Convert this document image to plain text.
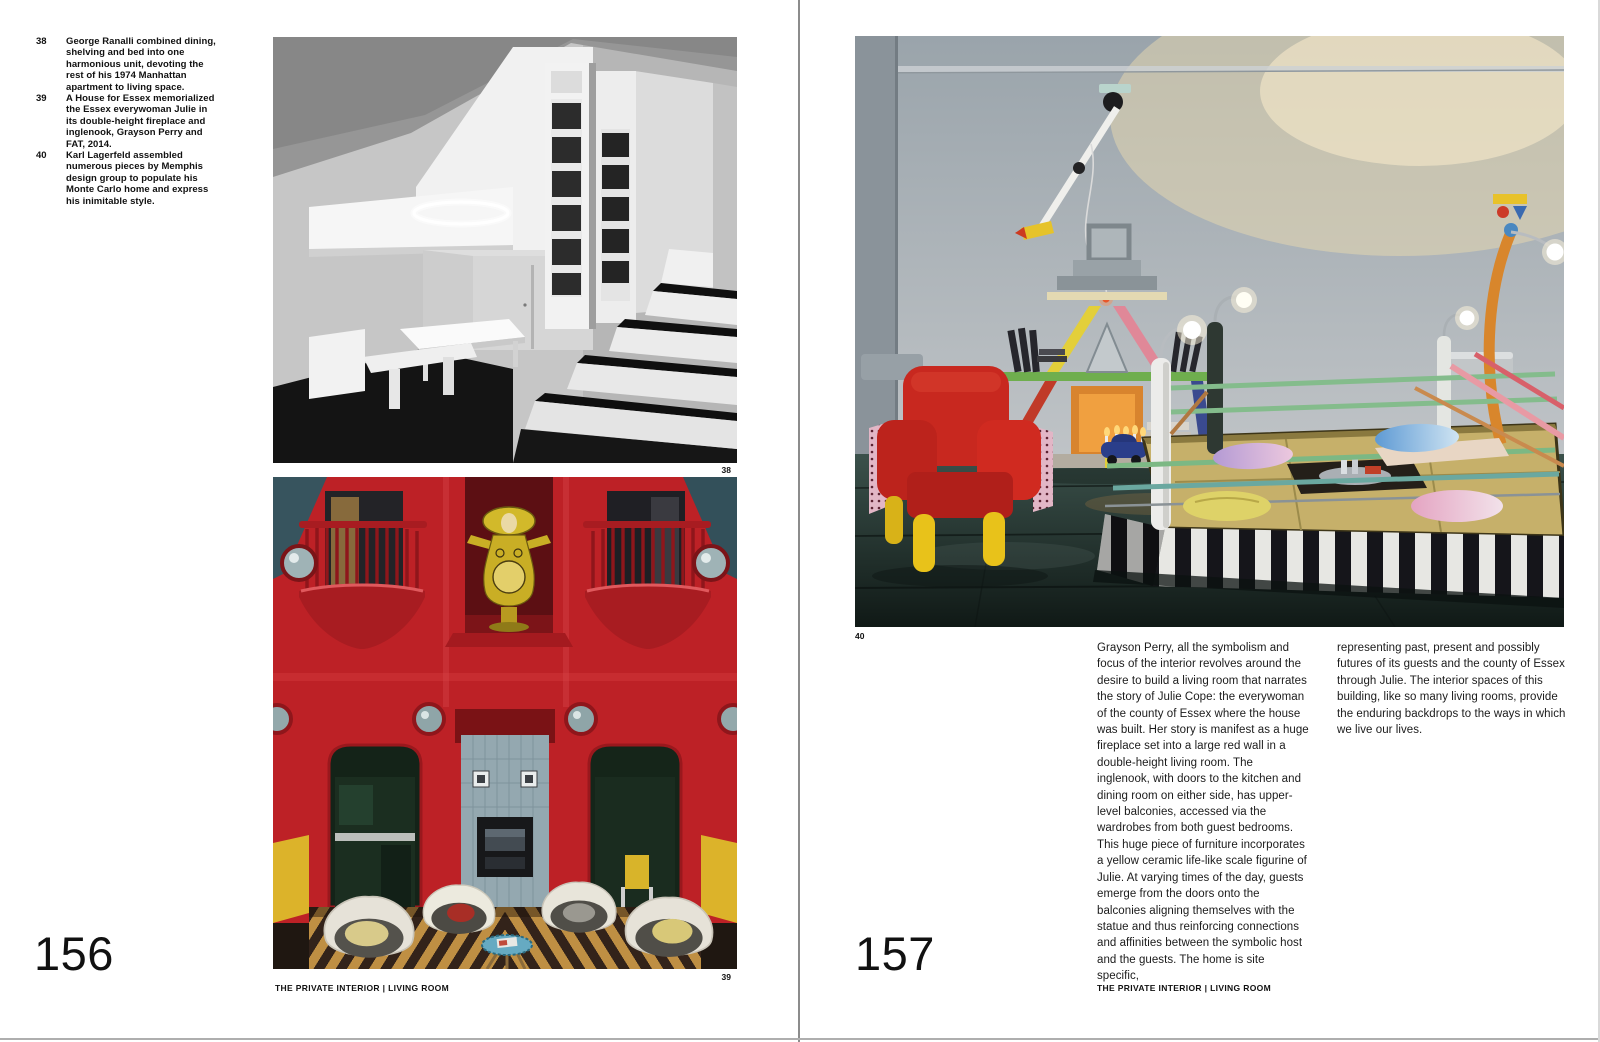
38	George Ranalli combined dining, shelving and bed into one harmonious unit, devoting the rest of his 1974 Manhattan apartment to living space.
39	A House for Essex memorialized the Essex everywoman Julie in its double-height fireplace and inglenook, Grayson Perry and FAT, 2014.
40	Karl Lagerfeld assembled numerous pieces by Memphis design group to populate his Monte Carlo home and express his inimitable style.
38
39
156
THE PRIVATE INTERIOR | LIVING ROOM
40
Grayson Perry, all the symbolism and focus of the interior revolves around the desire to build a living room that narrates the story of Julie Cope: the everywoman of the county of Essex where the house was built. Her story is manifest as a huge fireplace set into a large red wall in a double-height living room. The inglenook, with doors to the kitchen and dining room on either side, has upper-level balconies, accessed via the wardrobes from both guest bedrooms. This huge piece of furniture incorporates a yellow ceramic life-like scale figurine of Julie. At varying times of the day, guests emerge from the doors onto the balconies aligning themselves with the statue and thus reinforcing connections and affinities between the symbolic host and the guests. The home is site specific,
representing past, present and possibly futures of its guests and the county of Essex through Julie. The interior spaces of this building, like so many living rooms, provide the enduring backdrops to the ways in which we live our lives.
157
THE PRIVATE INTERIOR | LIVING ROOM
